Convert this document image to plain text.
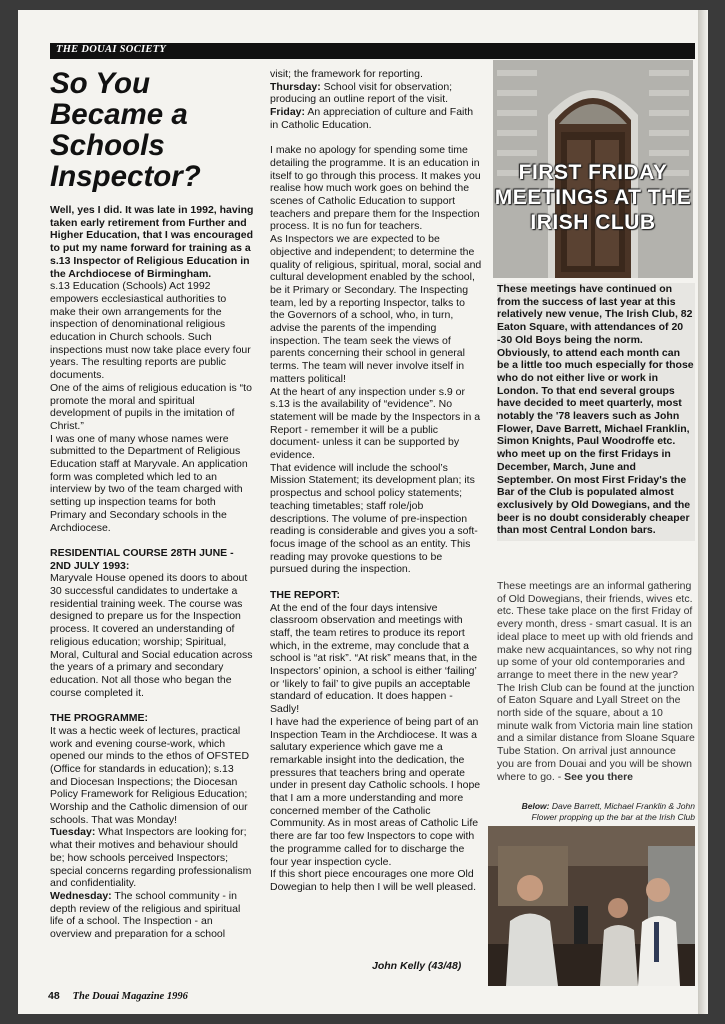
THE DOUAI SOCIETY
So You Became a Schools Inspector?

Well, yes I did. It was late in 1992, having taken early retirement from Further and Higher Education, that I was encouraged to put my name forward for training as a s.13 Inspector of Religious Education in the Archdiocese of Birmingham.

s.13 Education (Schools) Act 1992 empowers ecclesiastical authorities to make their own arrangements for the inspection of denominational religious education in Church schools. Such inspections must now take place every four years. The resulting reports are public documents.

One of the aims of religious education is “to promote the moral and spiritual development of pupils in the imitation of Christ.”

I was one of many whose names were submitted to the Department of Religious Education staff at Maryvale. An application form was completed which led to an interview by two of the team charged with setting up inspection teams for both Primary and Secondary schools in the Archdiocese.

RESIDENTIAL COURSE 28TH JUNE - 2ND JULY 1993:

Maryvale House opened its doors to about 30 successful candidates to undertake a residential training week. The course was designed to prepare us for the Inspection process. It covered an understanding of religious education; worship; Spiritual, Moral, Cultural and Social education across the years of a primary and secondary education. Not all those who began the course completed it.

THE PROGRAMME:

It was a hectic week of lectures, practical work and evening course-work, which opened our minds to the ethos of OFSTED (Office for standards in education); s.13 and Diocesan Inspections; the Diocesan Policy Framework for Religious Education; Worship and the Catholic dimension of our schools. That was Monday!

Tuesday: What Inspectors are looking for; what their motives and behaviour should be; how schools perceived Inspectors; special concerns regarding professionalism and confidentiality.

Wednesday: The school community - in depth review of the religious and spiritual life of a school. The Inspection - an overview and preparation for a school

visit; the framework for reporting.

Thursday: School visit for observation; producing an outline report of the visit.

Friday: An appreciation of culture and Faith in Catholic Education.

I make no apology for spending some time detailing the programme. It is an education in itself to go through this process. It makes you realise how much work goes on behind the scenes of Catholic Education to support teachers and prepare them for the Inspection process. It is no fun for teachers.

As Inspectors we are expected to be objective and independent; to determine the quality of religious, spiritual, moral, social and cultural development enabled by the school, be it Primary or Secondary. The Inspecting team, led by a reporting Inspector, talks to the Governors of a school, who, in turn, advise the parents of the impending inspection. The team seek the views of parents concerning their school in general terms. The team will never involve itself in matters political!

At the heart of any inspection under s.9 or s.13 is the availability of “evidence”. No statement will be made by the Inspectors in a Report - remember it will be a public document- unless it can be supported by evidence.

That evidence will include the school’s Mission Statement; its development plan; its prospectus and school policy statements; teaching timetables; staff role/job descriptions. The volume of pre-inspection reading is considerable and gives you a soft-focus image of the school as an entity. This reading may provoke questions to be pursued during the inspection.

THE REPORT:

At the end of the four days intensive classroom observation and meetings with staff, the team retires to produce its report which, in the extreme, may conclude that a school is “at risk”. “At risk” means that, in the Inspectors’ opinion, a school is either ‘failing’ or ‘likely to fail’ to give pupils an acceptable standard of education. It does happen - Sadly!

I have had the experience of being part of an Inspection Team in the Archdiocese. It was a salutary experience which gave me a remarkable insight into the dedication, the pressures that teachers bring and operate under in present day Catholic schools. I hope that I am a more understanding and more concerned member of the Catholic Community. As in most areas of Catholic Life there are far too few Inspectors to cope with the programme called for to discharge the four year inspection cycle.

If this short piece encourages one more Old Dowegian to help then I will be well pleased.

John Kelly (43/48)
FIRST FRIDAY MEETINGS AT THE IRISH CLUB
These meetings have continued on from the success of last year at this relatively new venue, The Irish Club, 82 Eaton Square, with attendances of 20 -30 Old Boys being the norm. Obviously, to attend each month can be a little too much especially for those who do not either live or work in London. To that end several groups have decided to meet quarterly, most notably the '78 leavers such as John Flower, Dave Barrett, Michael Franklin, Simon Knights, Paul Woodroffe etc. who meet up on the first Fridays in December, March, June and September. On most First Friday's the Bar of the Club is populated almost exclusively by Old Dowegians, and the beer is no doubt considerably cheaper than most Central London bars.
These meetings are an informal gathering of Old Dowegians, their friends, wives etc. etc. These take place on the first Friday of every month, dress - smart casual. It is an ideal place to meet up with old friends and make new acquaintances, so why not ring up some of your old contemporaries and arrange to meet there in the new year? The Irish Club can be found at the junction of Eaton Square and Lyall Street on the north side of the square, about a 10 minute walk from Victoria main line station and a similar distance from Sloane Square Tube Station. On arrival just announce you are from Douai and you will be shown where to go. - See you there
Below: Dave Barrett, Michael Franklin & John Flower propping up the bar at the Irish Club
48 The Douai Magazine 1996
